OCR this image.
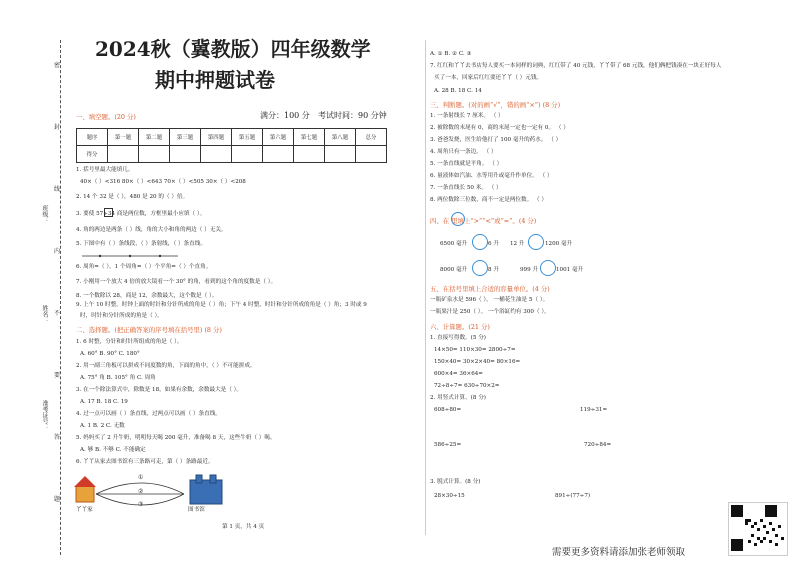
密
封
线
内
不
要
答
题
班级：
姓名：
准考证号：
2024秋（冀教版）四年级数学
期中押题试卷
一、填空题。(20 分)	满分：100 分 考试时间：90 分钟
题序	第一题	第二题	第三题	第四题	第五题	第六题	第七题	第八题	总分
得分									
1. 括号里最大能填几。
40×（ ）<316 80×（ ）<643 70×（ ）<505 30×（ ）<208
2. 14 个 32 是（ ），480 是 20 的（ ）倍。
3. 要使 57÷34 商是两位数，方框里最小应填（ ）。
4. 角的两边是两条（ ）线，角的大小和角的两边（ ）无关。
5. 下图中有（ ）条线段，（ ）条射线，（ ）条直线。
6. 周角=（ ），1 个周角=（ ）个平角=（ ）个直角。
7. 小刚用一个放大 4 倍的放大镜看一个 30° 的角，看到的这个角的度数是（ ）。
8. 一个数除以 28，商是 12，余数最大，这个数是（ ）。
9. 上午 10 时整，时钟上面的时针和分针所成的角是（ ）角；下午 4 时整，时针和分针所成的角是（ ）角；3 时或 9
时，时针和分针所成的角是（ ）。
二、选择题。(把正确答案的序号填在括号里) (8 分)
1. 6 时整，分针和时针所组成的角是（ ）。
A. 60° B. 90° C. 180°
2. 用一副三角板可以拼成不同度数的角，下面的角中，（ ）不可能拼成。
A. 75° 角 B. 105° 角 C. 周角
3. 在一个除法算式中，除数是 18，如果有余数，余数最大是（ ）。
A. 17 B. 18 C. 19
4. 过一点可以画（ ）条直线，过两点可以画（ ）条直线。
A. 1 B. 2 C. 无数
5. 妈妈买了 2 升牛奶，明明每天喝 200 毫升，准备喝 8 天，这些牛奶（ ）喝。
A. 够 B. 不够 C. 不能确定
6. 丫丫从家去图书馆有三条路可走，第（ ）条路最近。
①
②
③
丫丫家	图书馆
第 1 页，共 4 页
A. ① B. ② C. ③
7. 红红和丫丫去书店每人要买一本同样的词典，红红带了 40 元钱，丫丫带了 68 元钱，他们俩把钱凑在一块正好每人
买了一本，回家后红红要还丫丫（ ）元钱。
A. 28 B. 18 C. 14
三、判断题。(对的画“√”，错的画“×”) (8 分)
1. 一条射线长 7 厘米。 （ ）
2. 被除数的末尾有 0，商的末尾一定也一定有 0。 （ ）
3. 爸爸发烧，医生给他打了 100 毫升的药水。 （ ）
4. 周角只有一条边。 （ ）
5. 一条直线就是平角。 （ ）
6. 量液体如汽油、水等用升或毫升作单位。 （ ）
7. 一条直线长 50 米。 （ ）
8. 两位数除三位数，商不一定是两位数。 （ ）
四、在 里填上“>”“<”或“=”。(4 分)
6500 毫升	6 升 12 升	1200 毫升
8000 毫升	8 升	999 升	1001 毫升
五、在括号里填上合适的容量单位。(4 分)
一瓶矿泉水是 596（ ）。 一桶花生油是 5（ ）。
一瓶果汁是 250（ ）。 一个浴缸约有 300（ ）。
六、计算题。(21 分)
1. 直接写得数。(5 分)
14×50= 110×30= 2800÷7=
150×40= 30×2×40= 80×16=
600×4= 36×64=
72÷8÷7= 630÷70×2=
2. 用竖式计算。(8 分)
608÷80=	119÷31=
586÷25=	720÷84=
3. 脱式计算。(8 分)
28×30÷15	891÷(77÷7)
需要更多资料请添加张老师领取
